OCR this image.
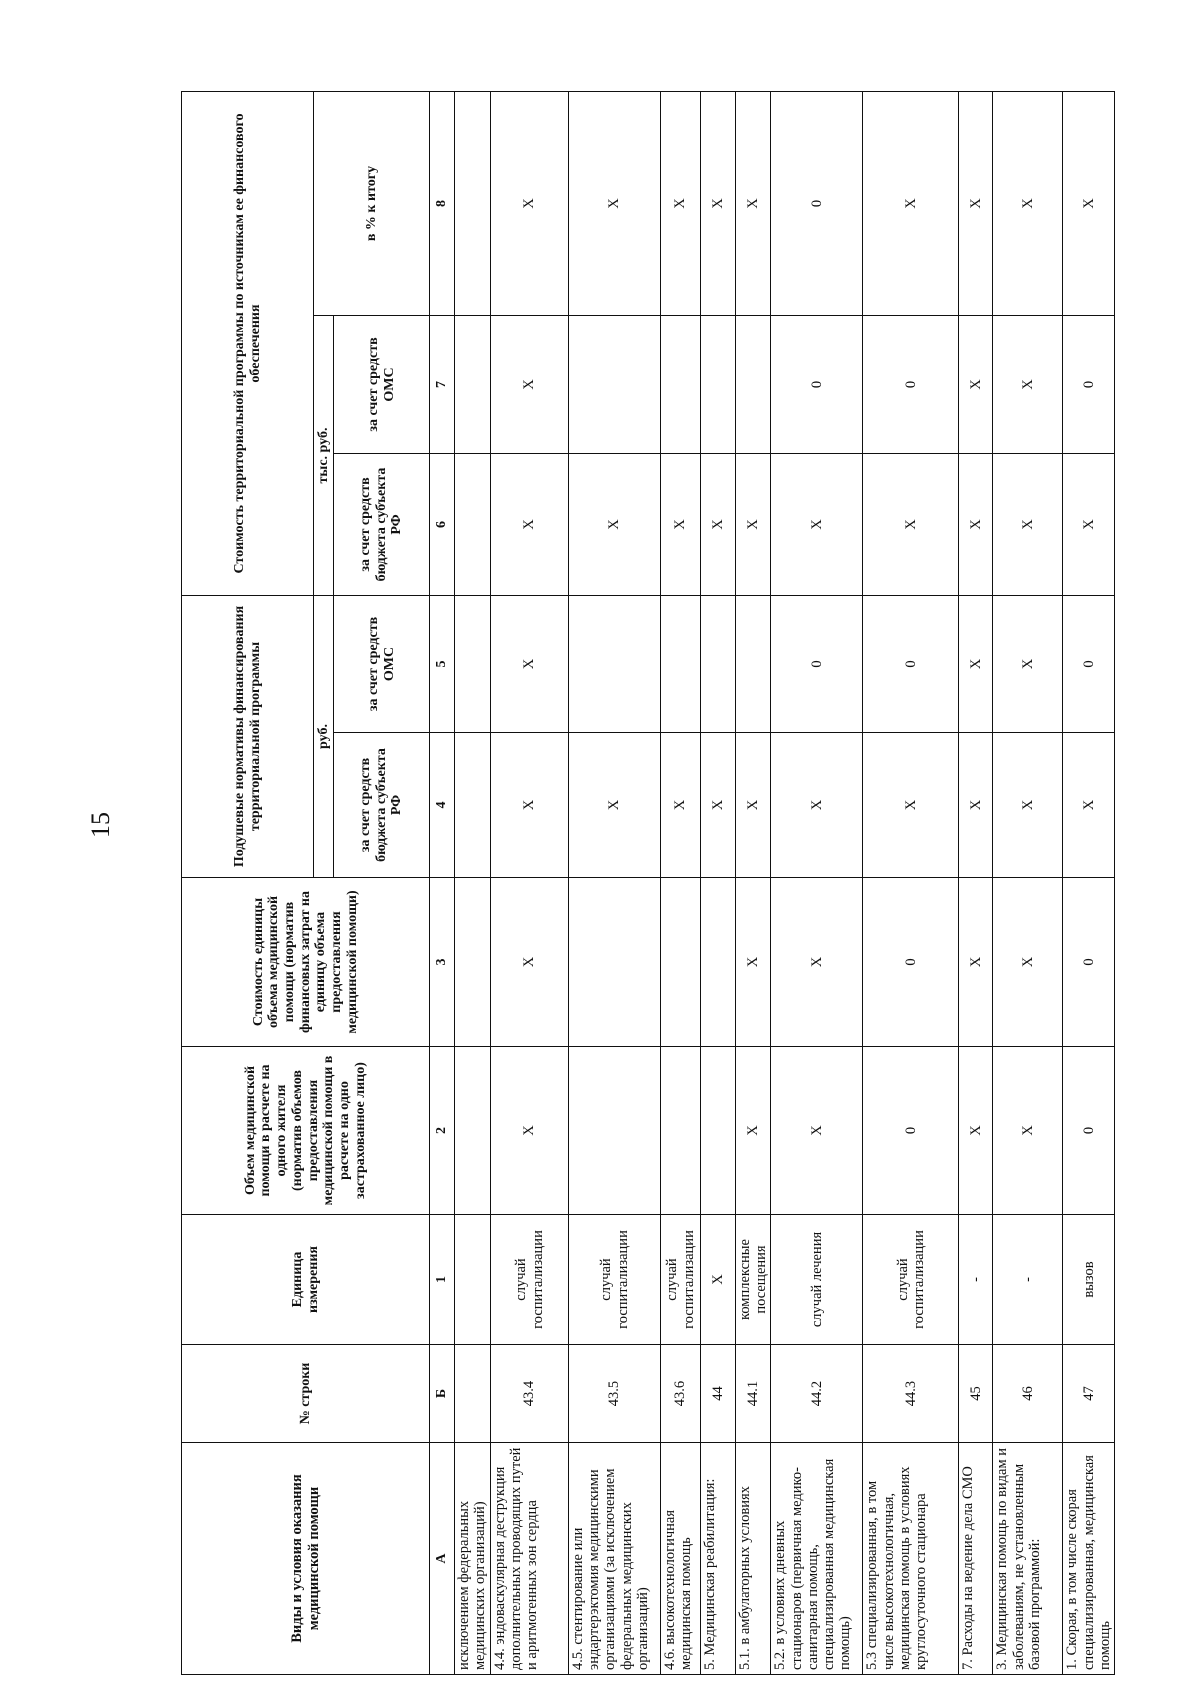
15
Виды и условия оказания медицинской помощи	№ строки	Единица измерения	Объем медицинской помощи в расчете на одного жителя (норматив объемов предоставления медицинской помощи в расчете на одно застрахованное лицо)	Стоимость единицы объема медицинской помощи (норматив финансовых затрат на единицу объема предоставления медицинской помощи)	Подушевые нормативы финансирования территориальной программы		Стоимость территориальной программы по источникам ее финансового обеспечения		
					руб.		тыс. руб.		в % к итогу
					за счет средств бюджета субъекта РФ	за счет средств ОМС	за счет средств бюджета субъекта РФ	за счет средств ОМС	
А	Б	1	2	3	4	5	6	7	8
исключением федеральных медицинских организаций)									
4.4. эндоваскулярная деструкция дополнительных проводящих путей и аритмогенных зон сердца	43.4	случай госпитализации	Х	Х	Х	Х	Х	Х	Х
4.5. стентирование или эндартерэктомия медицинскими организациями (за исключением федеральных медицинских организаций)	43.5	случай госпитализации			Х		Х		Х
4.6. высокотехнологичная медицинская помощь	43.6	случай госпитализации			Х		Х		Х
5. Медицинская реабилитация:	44	Х			Х		Х		Х
5.1. в амбулаторных условиях	44.1	комплексные посещения	Х	Х	Х		Х		Х
5.2. в условиях дневных стационаров (первичная медико-санитарная помощь, специализированная медицинская помощь)	44.2	случай лечения	Х	Х	Х	0	Х	0	0
5.3 специализированная, в том числе высокотехнологичная, медицинская помощь в условиях круглосуточного стационара	44.3	случай госпитализации	0	0	Х	0	Х	0	Х
7. Расходы на ведение дела СМО	45	-	Х	Х	Х	Х	Х	Х	Х
3. Медицинская помощь по видам и заболеваниям, не установленным базовой программой:	46	-	Х	Х	Х	Х	Х	Х	Х
1. Скорая, в том числе скорая специализированная, медицинская помощь	47	вызов	0	0	Х	0	Х	0	Х
